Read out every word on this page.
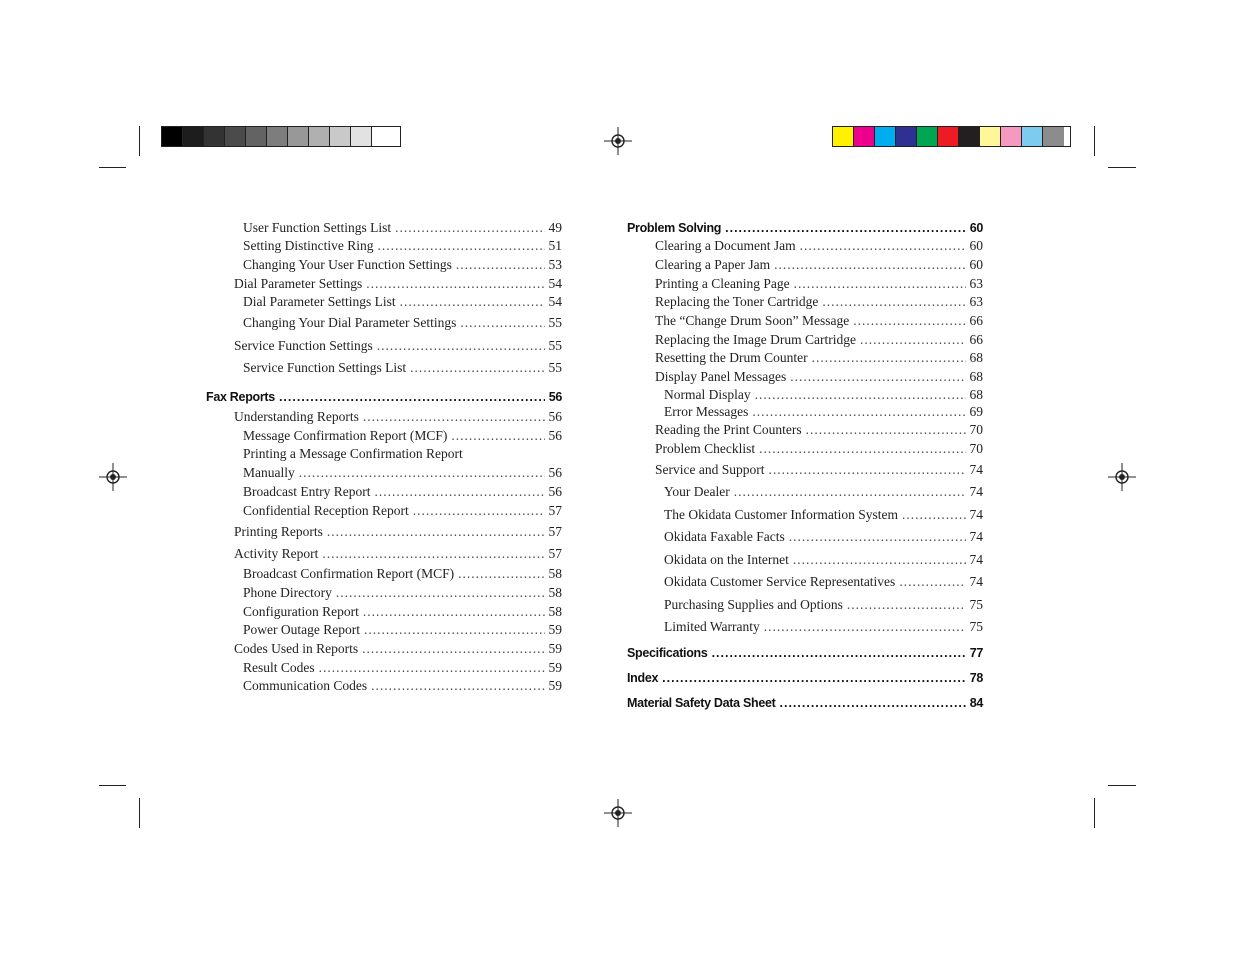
User Function Settings List .....	49
Setting Distinctive Ring .....	51
Changing Your User Function Settings .....	53
Dial Parameter Settings .....	54
Dial Parameter Settings List .....	54
Changing Your Dial Parameter Settings .....	55
Service Function Settings .....	55
Service Function Settings List .....	55
Fax Reports .....	56
Understanding Reports .....	56
Message Confirmation Report (MCF) .....	56
Printing a Message Confirmation Report
Manually .....	56
Broadcast Entry Report .....	56
Confidential Reception Report .....	57
Printing Reports .....	57
Activity Report .....	57
Broadcast Confirmation Report (MCF) .....	58
Phone Directory .....	58
Configuration Report .....	58
Power Outage Report .....	59
Codes Used in Reports .....	59
Result Codes .....	59
Communication Codes .....	59
Problem Solving .....	60
Clearing a Document Jam .....	60
Clearing a Paper Jam .....	60
Printing a Cleaning Page .....	63
Replacing the Toner Cartridge .....	63
The “Change Drum Soon” Message .....	66
Replacing the Image Drum Cartridge .....	66
Resetting the Drum Counter .....	68
Display Panel Messages .....	68
Normal Display .....	68
Error Messages .....	69
Reading the Print Counters .....	70
Problem Checklist .....	70
Service and Support .....	74
Your Dealer .....	74
The Okidata Customer Information System .....	74
Okidata Faxable Facts .....	74
Okidata on the Internet .....	74
Okidata Customer Service Representatives .....	74
Purchasing Supplies and Options .....	75
Limited Warranty .....	75
Specifications .....	77
Index .....	78
Material Safety Data Sheet .....	84
